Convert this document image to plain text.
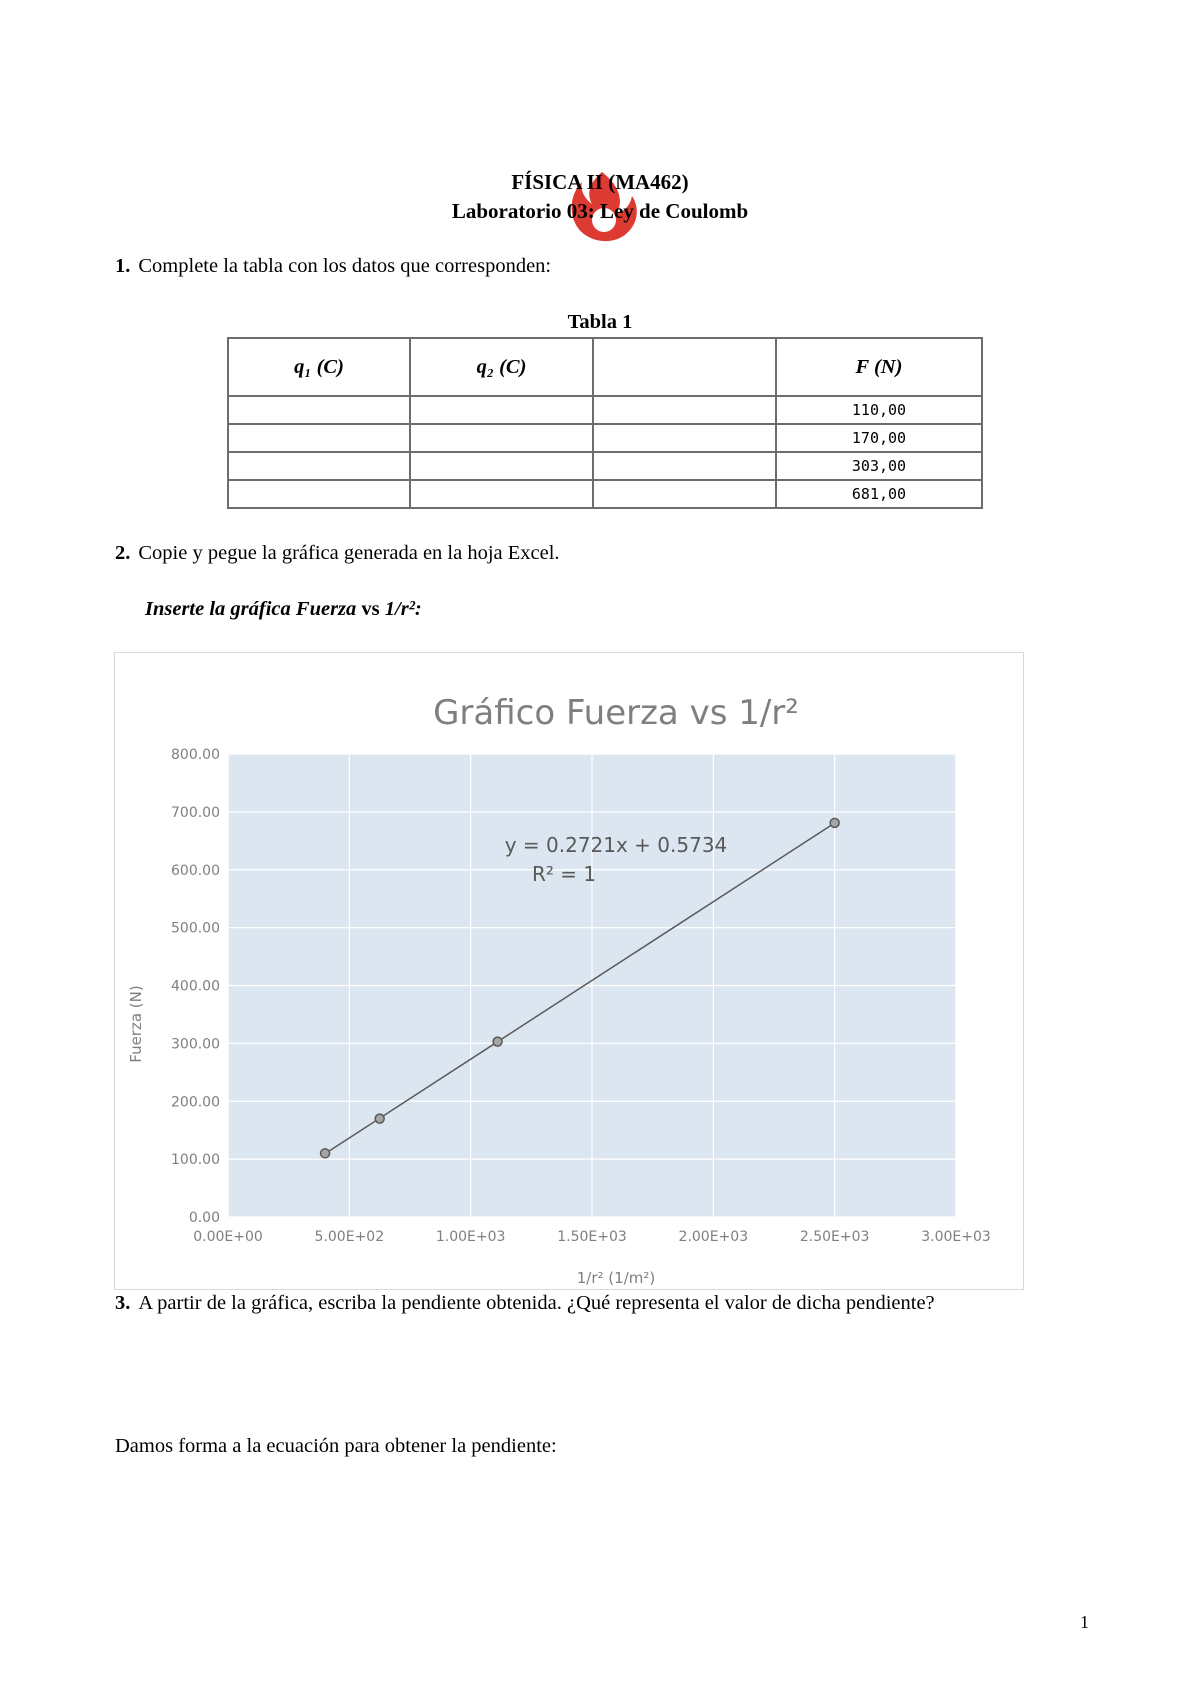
FÍSICA II (MA462)
Laboratorio 03: Ley de Coulomb
1. Complete la tabla con los datos que corresponden:
Tabla 1
q₁ (C)	q₂ (C)		F (N)
			110,00
			170,00
			303,00
			681,00
2. Copie y pegue la gráfica generada en la hoja Excel.
Inserte la gráfica Fuerza vs 1/r²:
Gráfico Fuerza vs 1/r²
0.00
100.00
200.00
300.00
400.00
500.00
600.00
700.00
800.00
0.00E+00	5.00E+02	1.00E+03	1.50E+03	2.00E+03	2.50E+03	3.00E+03
y = 0.2721x + 0.5734
R² = 1
1/r² (1/m²)
Fuerza (N)
3. A partir de la gráfica, escriba la pendiente obtenida. ¿Qué representa el valor de dicha pendiente?
Damos forma a la ecuación para obtener la pendiente:
1
